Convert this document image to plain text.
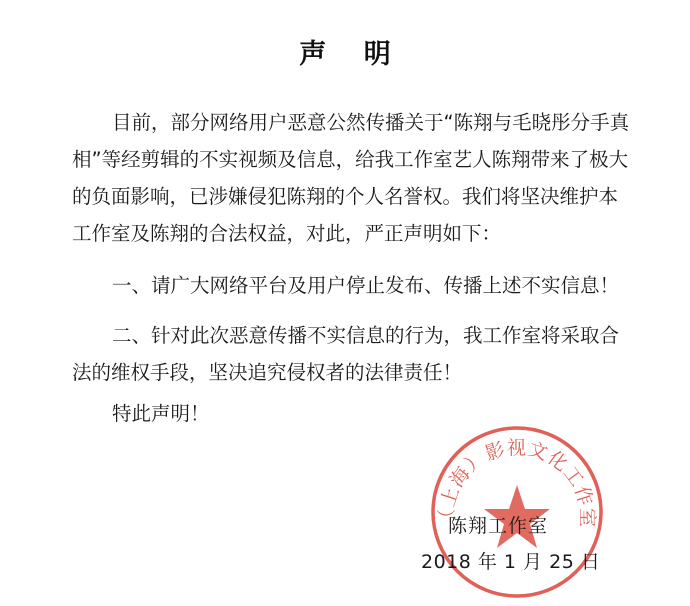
声 明

目前，部分网络用户恶意公然传播关于“陈翔与毛晓彤分手真相”等经剪辑的不实视频及信息，给我工作室艺人陈翔带来了极大的负面影响，已涉嫌侵犯陈翔的个人名誉权。我们将坚决维护本工作室及陈翔的合法权益，对此，严正声明如下：

一、请广大网络平台及用户停止发布、传播上述不实信息！

二、针对此次恶意传播不实信息的行为，我工作室将采取合法的维权手段，坚决追究侵权者的法律责任！

特此声明！

（上海）影视文化工作室
陈翔工作室
2018 年 1 月 25 日
